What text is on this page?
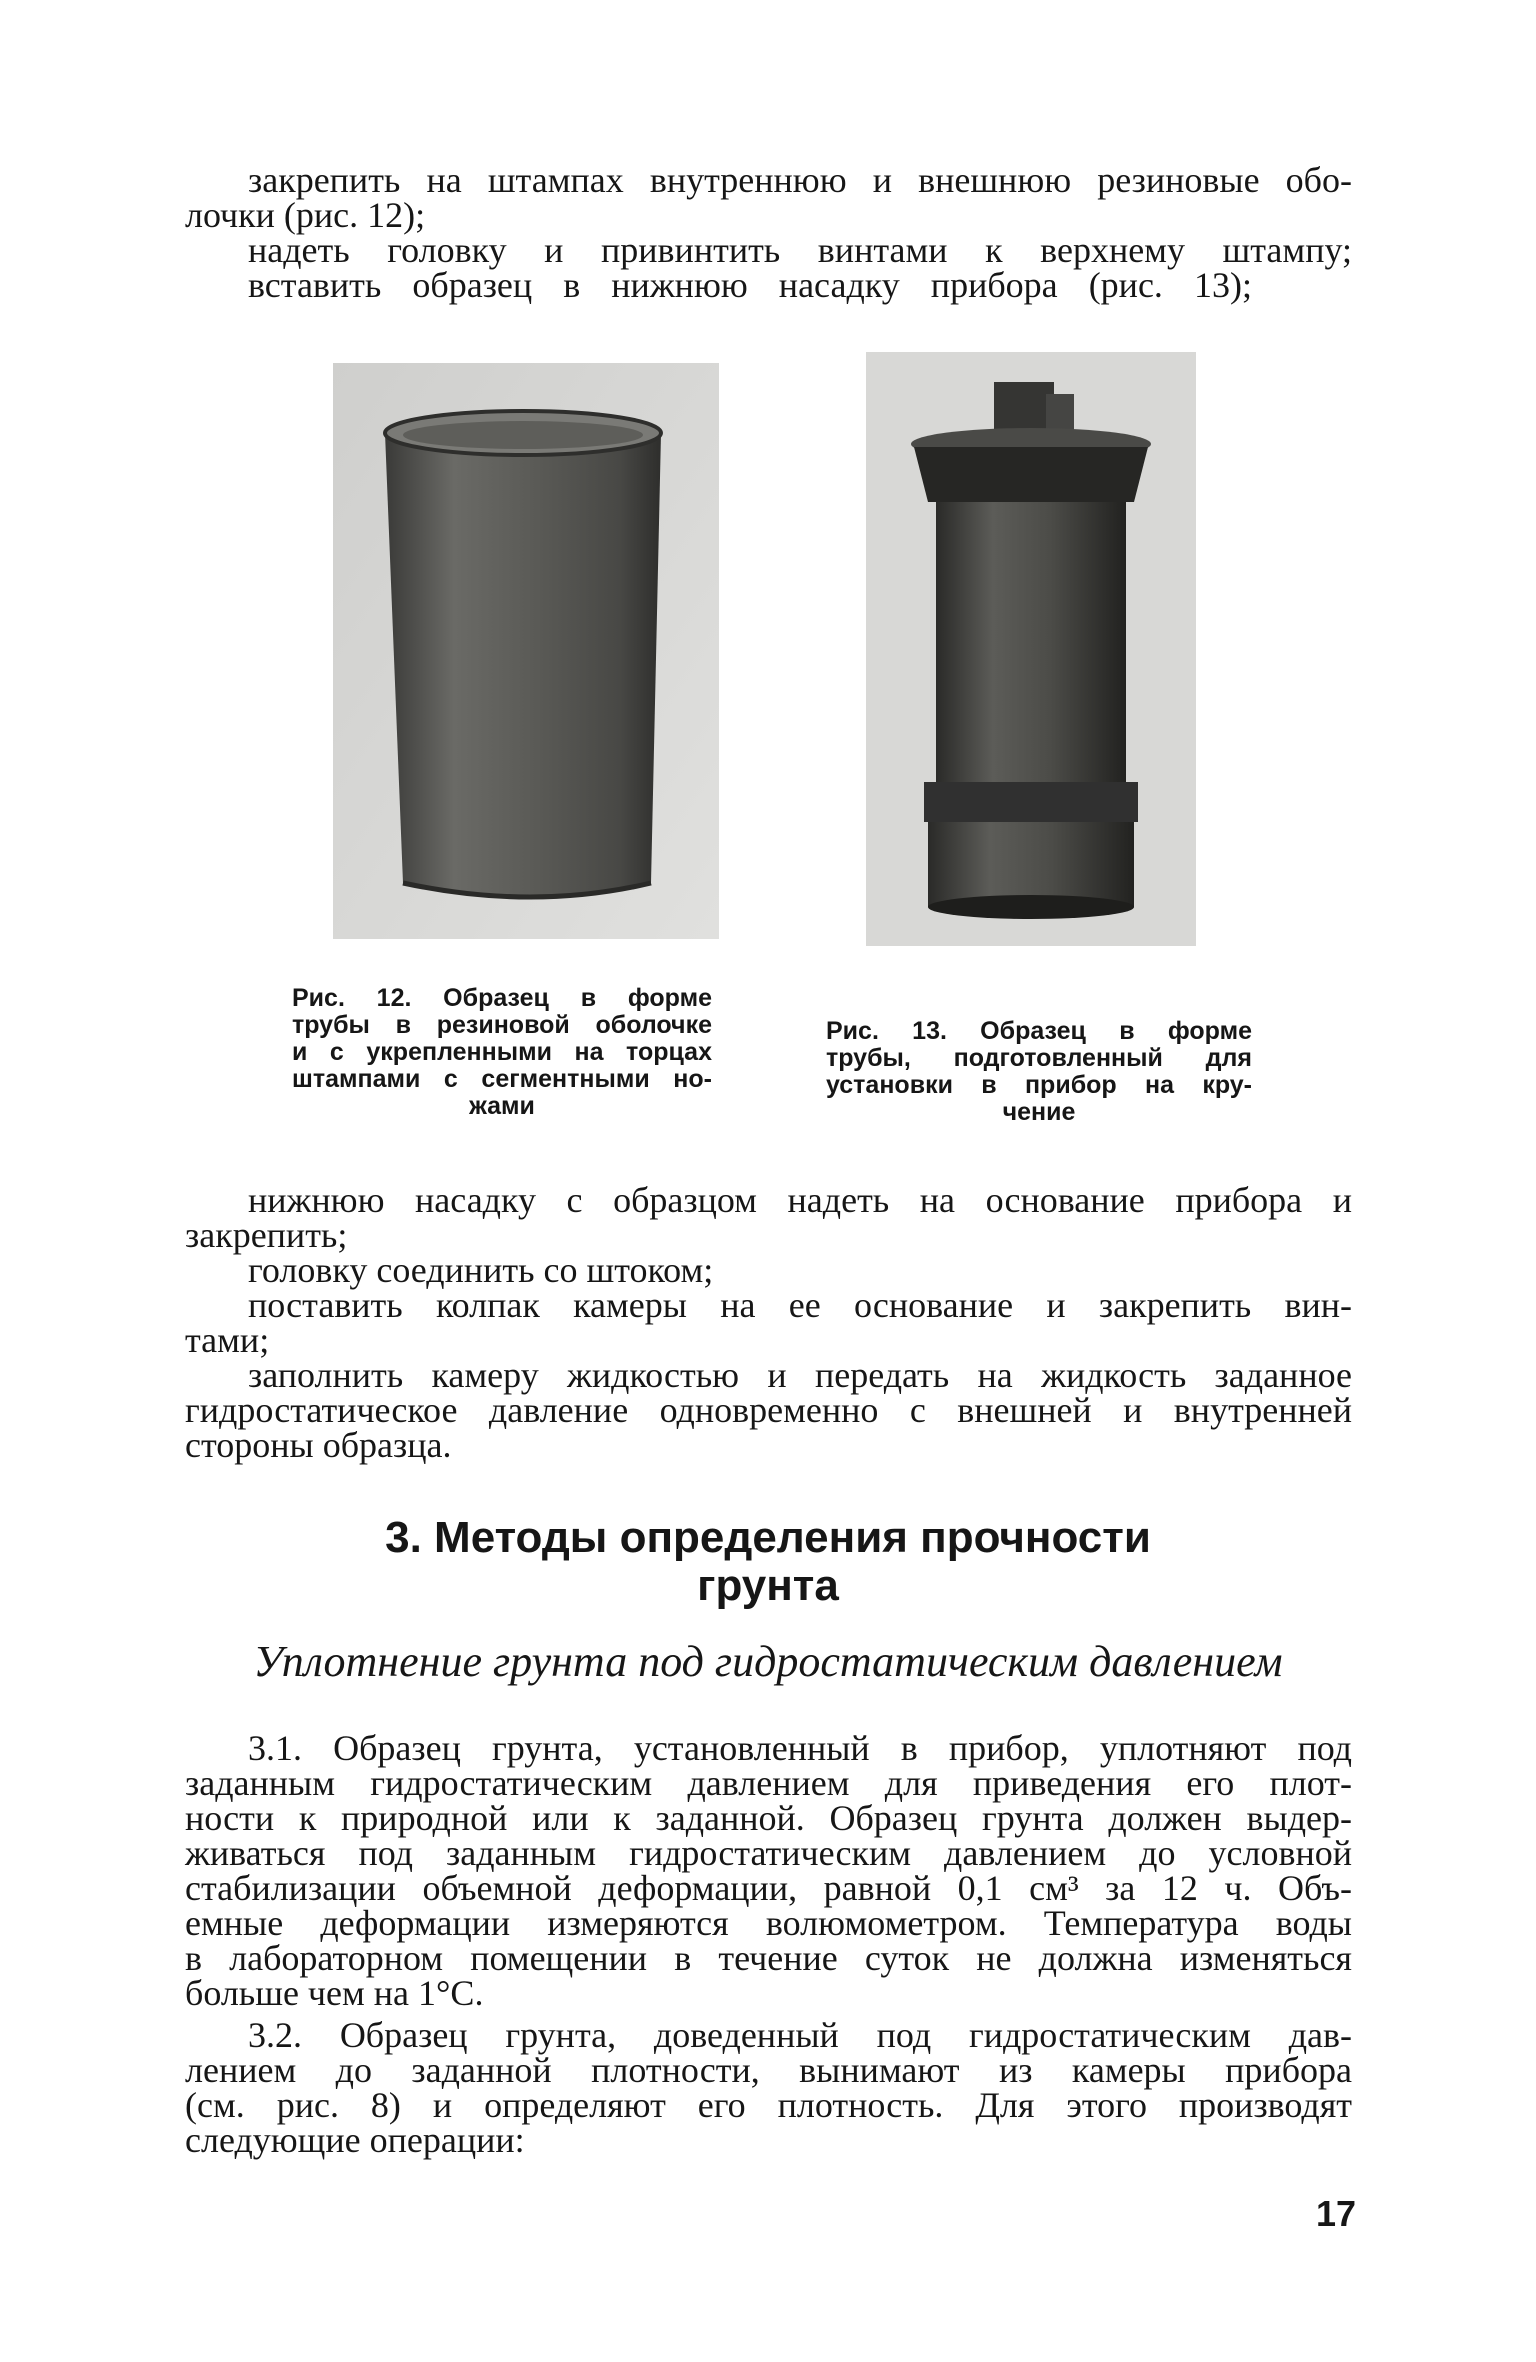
закрепить на штампах внутреннюю и внешнюю резиновые обо-
лочки (рис. 12);
надеть головку и привинтить винтами к верхнему штампу;
вставить образец в нижнюю насадку прибора (рис. 13);
Рис. 12. Образец в форме
трубы в резиновой оболочке
и с укрепленными на торцах
штампами с сегментными но-
жами
Рис. 13. Образец в форме
трубы, подготовленный для
установки в прибор на кру-
чение
нижнюю насадку с образцом надеть на основание прибора и
закрепить;
головку соединить со штоком;
поставить колпак камеры на ее основание и закрепить вин-
тами;
заполнить камеру жидкостью и передать на жидкость заданное
гидростатическое давление одновременно с внешней и внутренней
стороны образца.
3. Методы определения прочности
грунта
Уплотнение грунта под гидростатическим давлением
3.1. Образец грунта, установленный в прибор, уплотняют под
заданным гидростатическим давлением для приведения его плот-
ности к природной или к заданной. Образец грунта должен выдер-
живаться под заданным гидростатическим давлением до условной
стабилизации объемной деформации, равной 0,1 см³ за 12 ч. Объ-
емные деформации измеряются волюмометром. Температура воды
в лабораторном помещении в течение суток не должна изменяться
больше чем на 1°С.
3.2. Образец грунта, доведенный под гидростатическим дав-
лением до заданной плотности, вынимают из камеры прибора
(см. рис. 8) и определяют его плотность. Для этого производят
следующие операции:
17
